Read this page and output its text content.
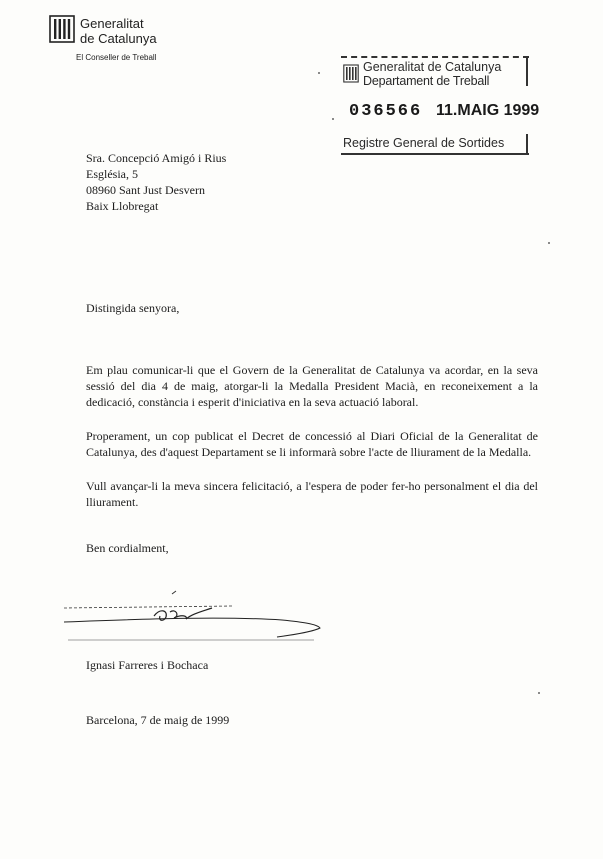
Generalitat
de Catalunya
El Conseller de Treball
Generalitat de Catalunya
Departament de Treball
036566 11.MAIG 1999
Registre General de Sortides
Sra. Concepció Amigó i Rius
Església, 5
08960 Sant Just Desvern
Baix Llobregat
Distingida senyora,
Em plau comunicar-li que el Govern de la Generalitat de Catalunya va acordar, en la seva sessió del dia 4 de maig, atorgar-li la Medalla President Macià, en reconeixement a la dedicació, constància i esperit d'iniciativa en la seva actuació laboral.
Properament, un cop publicat el Decret de concessió al Diari Oficial de la Generalitat de Catalunya, des d'aquest Departament se li informarà sobre l'acte de lliurament de la Medalla.
Vull avançar-li la meva sincera felicitació, a l'espera de poder fer-ho personalment el dia del lliurament.
Ben cordialment,
Ignasi Farreres i Bochaca
Barcelona, 7 de maig de 1999
